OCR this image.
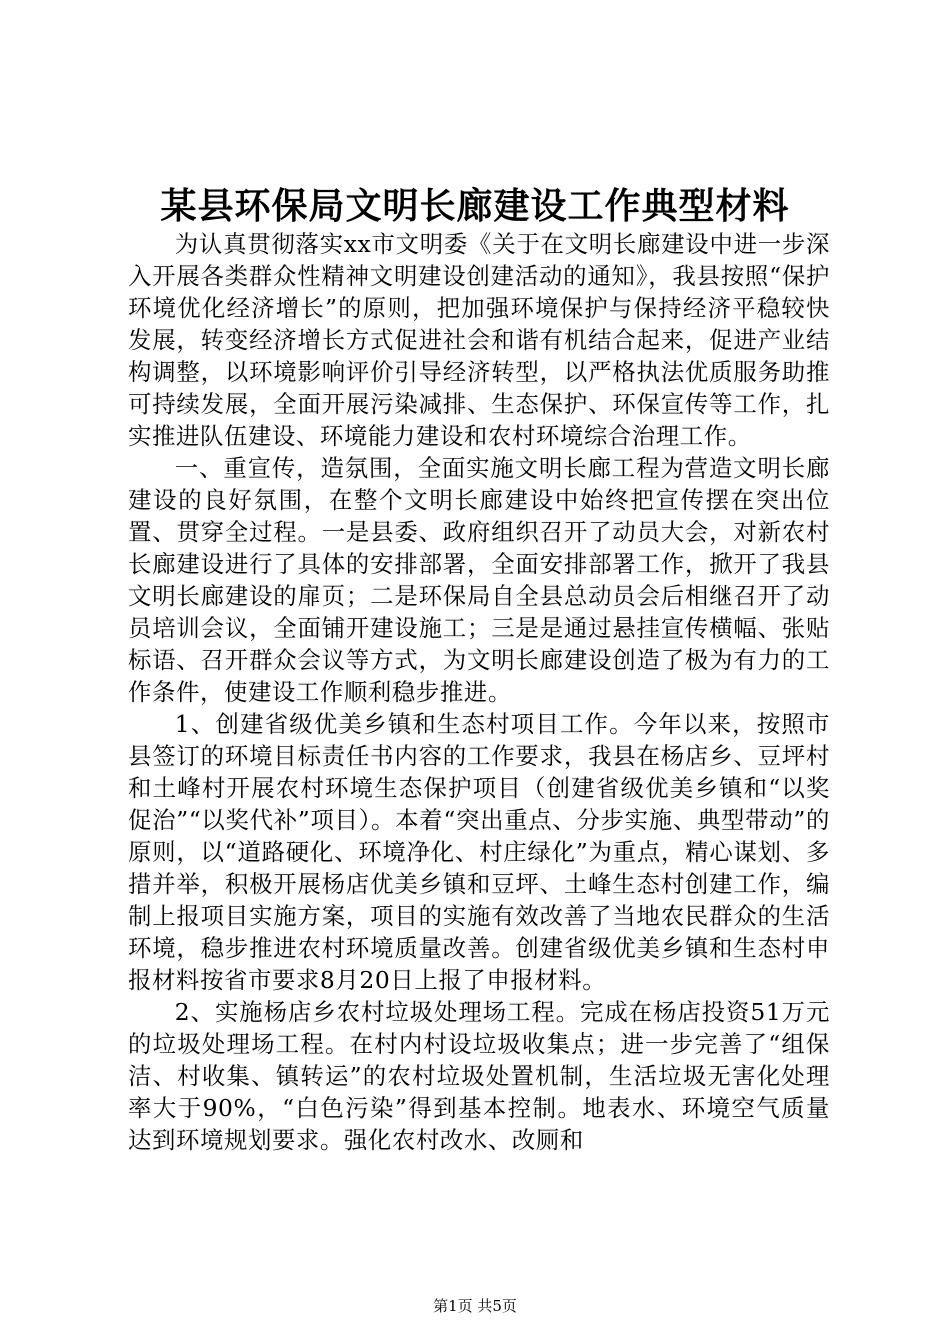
某县环保局文明长廊建设工作典型材料

为认真贯彻落实xx市文明委《关于在文明长廊建设中进一步深入开展各类群众性精神文明建设创建活动的通知》，我县按照“保护环境优化经济增长”的原则，把加强环境保护与保持经济平稳较快发展，转变经济增长方式促进社会和谐有机结合起来，促进产业结构调整，以环境影响评价引导经济转型，以严格执法优质服务助推可持续发展，全面开展污染减排、生态保护、环保宣传等工作，扎实推进队伍建设、环境能力建设和农村环境综合治理工作。

一、重宣传，造氛围，全面实施文明长廊工程为营造文明长廊建设的良好氛围，在整个文明长廊建设中始终把宣传摆在突出位置、贯穿全过程。一是县委、政府组织召开了动员大会，对新农村长廊建设进行了具体的安排部署，全面安排部署工作，掀开了我县文明长廊建设的扉页；二是环保局自全县总动员会后相继召开了动员培训会议，全面铺开建设施工；三是是通过悬挂宣传横幅、张贴标语、召开群众会议等方式，为文明长廊建设创造了极为有力的工作条件，使建设工作顺利稳步推进。

1、创建省级优美乡镇和生态村项目工作。今年以来，按照市县签订的环境目标责任书内容的工作要求，我县在杨店乡、豆坪村和土峰村开展农村环境生态保护项目（创建省级优美乡镇和“以奖促治”“以奖代补”项目）。本着“突出重点、分步实施、典型带动”的原则，以“道路硬化、环境净化、村庄绿化”为重点，精心谋划、多措并举，积极开展杨店优美乡镇和豆坪、土峰生态村创建工作，编制上报项目实施方案，项目的实施有效改善了当地农民群众的生活环境，稳步推进农村环境质量改善。创建省级优美乡镇和生态村申报材料按省市要求8月20日上报了申报材料。

2、实施杨店乡农村垃圾处理场工程。完成在杨店投资51万元的垃圾处理场工程。在村内村设垃圾收集点；进一步完善了“组保洁、村收集、镇转运”的农村垃圾处置机制，生活垃圾无害化处理率大于90%，“白色污染”得到基本控制。地表水、环境空气质量达到环境规划要求。强化农村改水、改厕和

第1页 共5页
